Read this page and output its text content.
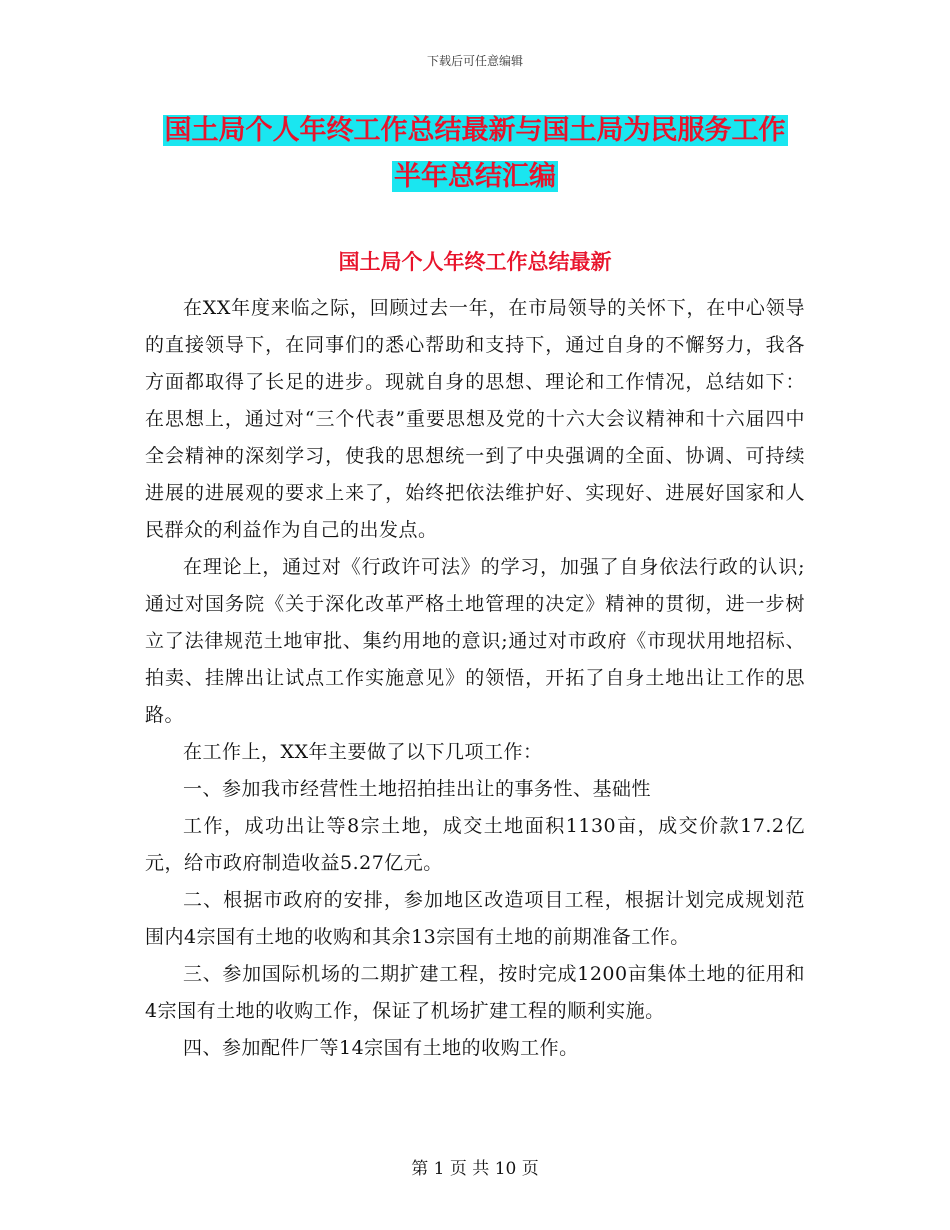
下载后可任意编辑
国土局个人年终工作总结最新与国土局为民服务工作
半年总结汇编
国土局个人年终工作总结最新

在XX年度来临之际，回顾过去一年，在市局领导的关怀下，在中心领导的直接领导下，在同事们的悉心帮助和支持下，通过自身的不懈努力，我各方面都取得了长足的进步。现就自身的思想、理论和工作情况，总结如下：在思想上，通过对“三个代表”重要思想及党的十六大会议精神和十六届四中全会精神的深刻学习，使我的思想统一到了中央强调的全面、协调、可持续进展的进展观的要求上来了，始终把依法维护好、实现好、进展好国家和人民群众的利益作为自己的出发点。

在理论上，通过对《行政许可法》的学习，加强了自身依法行政的认识;通过对国务院《关于深化改革严格土地管理的决定》精神的贯彻，进一步树立了法律规范土地审批、集约用地的意识;通过对市政府《市现状用地招标、拍卖、挂牌出让试点工作实施意见》的领悟，开拓了自身土地出让工作的思路。

在工作上，XX年主要做了以下几项工作：

一、参加我市经营性土地招拍挂出让的事务性、基础性

工作，成功出让等8宗土地，成交土地面积1130亩，成交价款17.2亿元，给市政府制造收益5.27亿元。

二、根据市政府的安排，参加地区改造项目工程，根据计划完成规划范围内4宗国有土地的收购和其余13宗国有土地的前期准备工作。

三、参加国际机场的二期扩建工程，按时完成1200亩集体土地的征用和4宗国有土地的收购工作，保证了机场扩建工程的顺利实施。

四、参加配件厂等14宗国有土地的收购工作。

第 1 页 共 10 页
